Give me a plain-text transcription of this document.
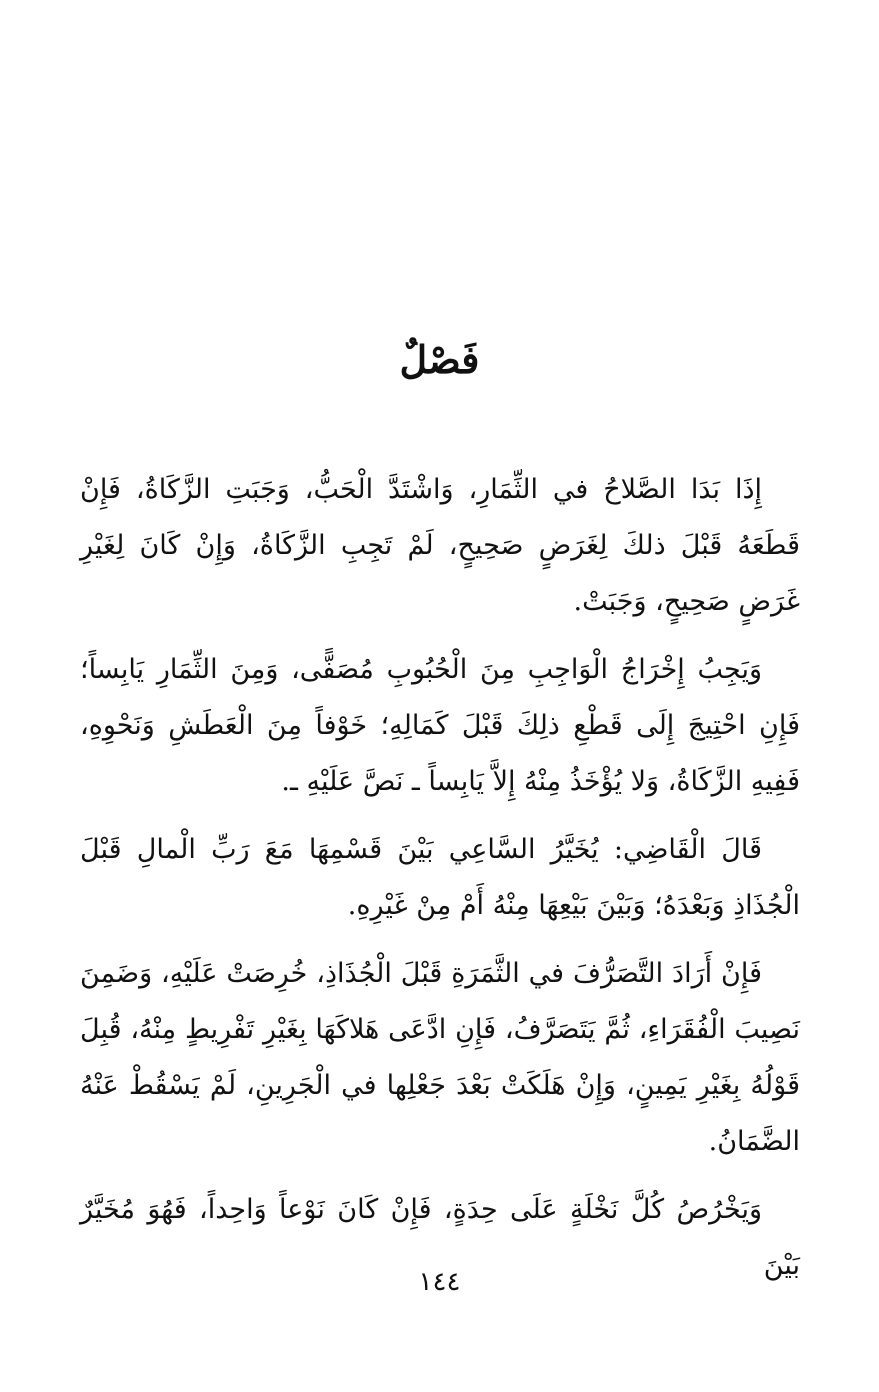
فَصْلٌ

إِذَا بَدَا الصَّلاحُ في الثِّمَارِ، وَاشْتَدَّ الْحَبُّ، وَجَبَتِ الزَّكَاةُ، فَإِنْ قَطَعَهُ قَبْلَ ذلكَ لِغَرَضٍ صَحِيحٍ، لَمْ تَجِبِ الزَّكَاةُ، وَإِنْ كَانَ لِغَيْرِ غَرَضٍ صَحِيحٍ، وَجَبَتْ.

وَيَجِبُ إِخْرَاجُ الْوَاجِبِ مِنَ الْحُبُوبِ مُصَفًّى، وَمِنَ الثِّمَارِ يَابِساً؛ فَإِنِ احْتِيجَ إِلَى قَطْعِ ذلِكَ قَبْلَ كَمَالِهِ؛ خَوْفاً مِنَ الْعَطَشِ وَنَحْوِهِ، فَفِيهِ الزَّكَاةُ، وَلا يُؤْخَذُ مِنْهُ إِلاَّ يَابِساً ـ نَصَّ عَلَيْهِ ـ.

قَالَ الْقَاضِي: يُخَيَّرُ السَّاعِي بَيْنَ قَسْمِهَا مَعَ رَبِّ الْمالِ قَبْلَ الْجُذَاذِ وَبَعْدَهُ؛ وَبَيْنَ بَيْعِهَا مِنْهُ أَمْ مِنْ غَيْرِهِ.

فَإِنْ أَرَادَ التَّصَرُّفَ في الثَّمَرَةِ قَبْلَ الْجُذَاذِ، خُرِصَتْ عَلَيْهِ، وَضَمِنَ نَصِيبَ الْفُقَرَاءِ، ثُمَّ يَتَصَرَّفُ، فَإِنِ ادَّعَى هَلاكَهَا بِغَيْرِ تَفْرِيطٍ مِنْهُ، قُبِلَ قَوْلُهُ بِغَيْرِ يَمِينٍ، وَإِنْ هَلَكَتْ بَعْدَ جَعْلِها في الْجَرِينِ، لَمْ يَسْقُطْ عَنْهُ الضَّمَانُ.

وَيَخْرُصُ كُلَّ نَخْلَةٍ عَلَى حِدَةٍ، فَإِنْ كَانَ نَوْعاً وَاحِداً، فَهُوَ مُخَيَّرٌ بَيْنَ

١٤٤
